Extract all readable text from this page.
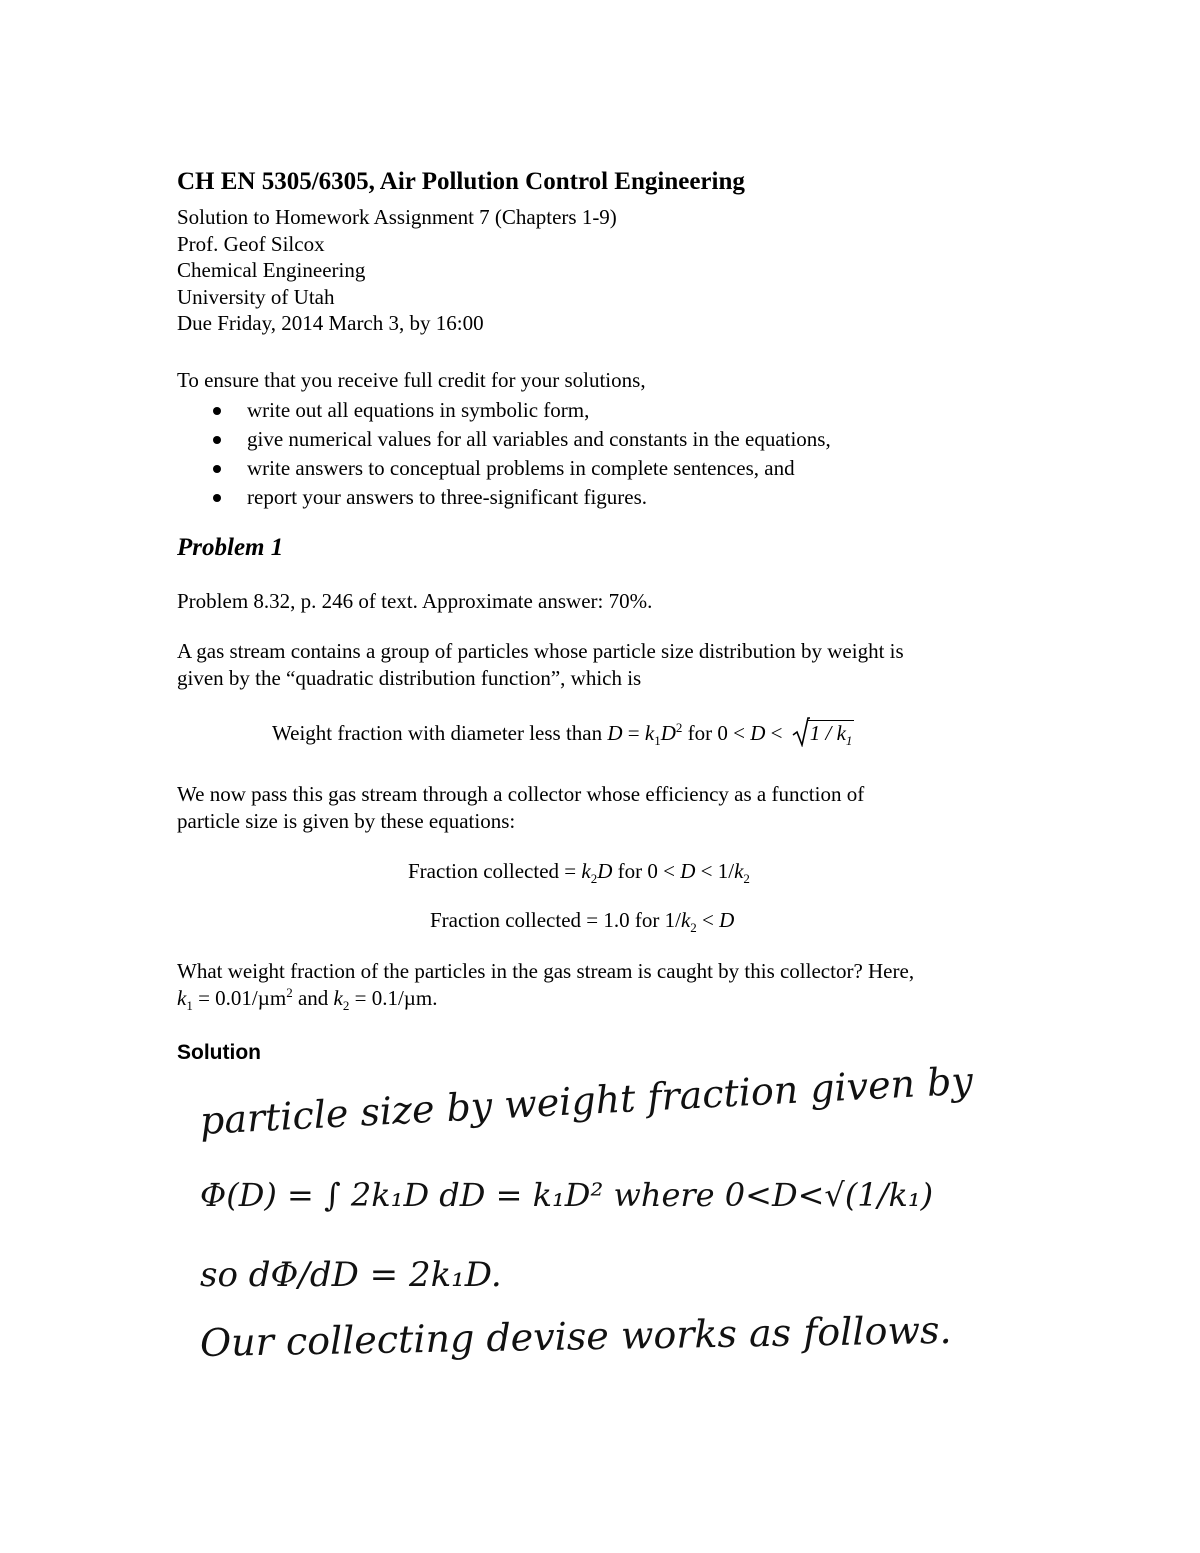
CH EN 5305/6305, Air Pollution Control Engineering
Solution to Homework Assignment 7 (Chapters 1-9)
Prof. Geof Silcox
Chemical Engineering
University of Utah
Due Friday, 2014 March 3, by 16:00
To ensure that you receive full credit for your solutions,
write out all equations in symbolic form,
give numerical values for all variables and constants in the equations,
write answers to conceptual problems in complete sentences, and
report your answers to three-significant figures.
Problem 1
Problem 8.32, p. 246 of text. Approximate answer: 70%.
A gas stream contains a group of particles whose particle size distribution by weight is
given by the “quadratic distribution function”, which is
Weight fraction with diameter less than $D = k_1D^2$ for 0 < D <
$1 / k_1$
We now pass this gas stream through a collector whose efficiency as a function of
particle size is given by these equations:
Fraction collected = $k_2D$ for $0 < D < 1/k_2$
Fraction collected = 1.0 for $1/k_2 < D$
What weight fraction of the particles in the gas stream is caught by this collector? Here,
$k_1 = 0.01/\mu m^2$ and $k_2 = 0.1/\mu m$.
Solution
particle size by weight fraction given by
Φ(D) = ∫ 2k₁D dD = k₁D² where 0<D<√(1/k₁)
so dΦ/dD = 2k₁D.
Our collecting devise works as follows.
